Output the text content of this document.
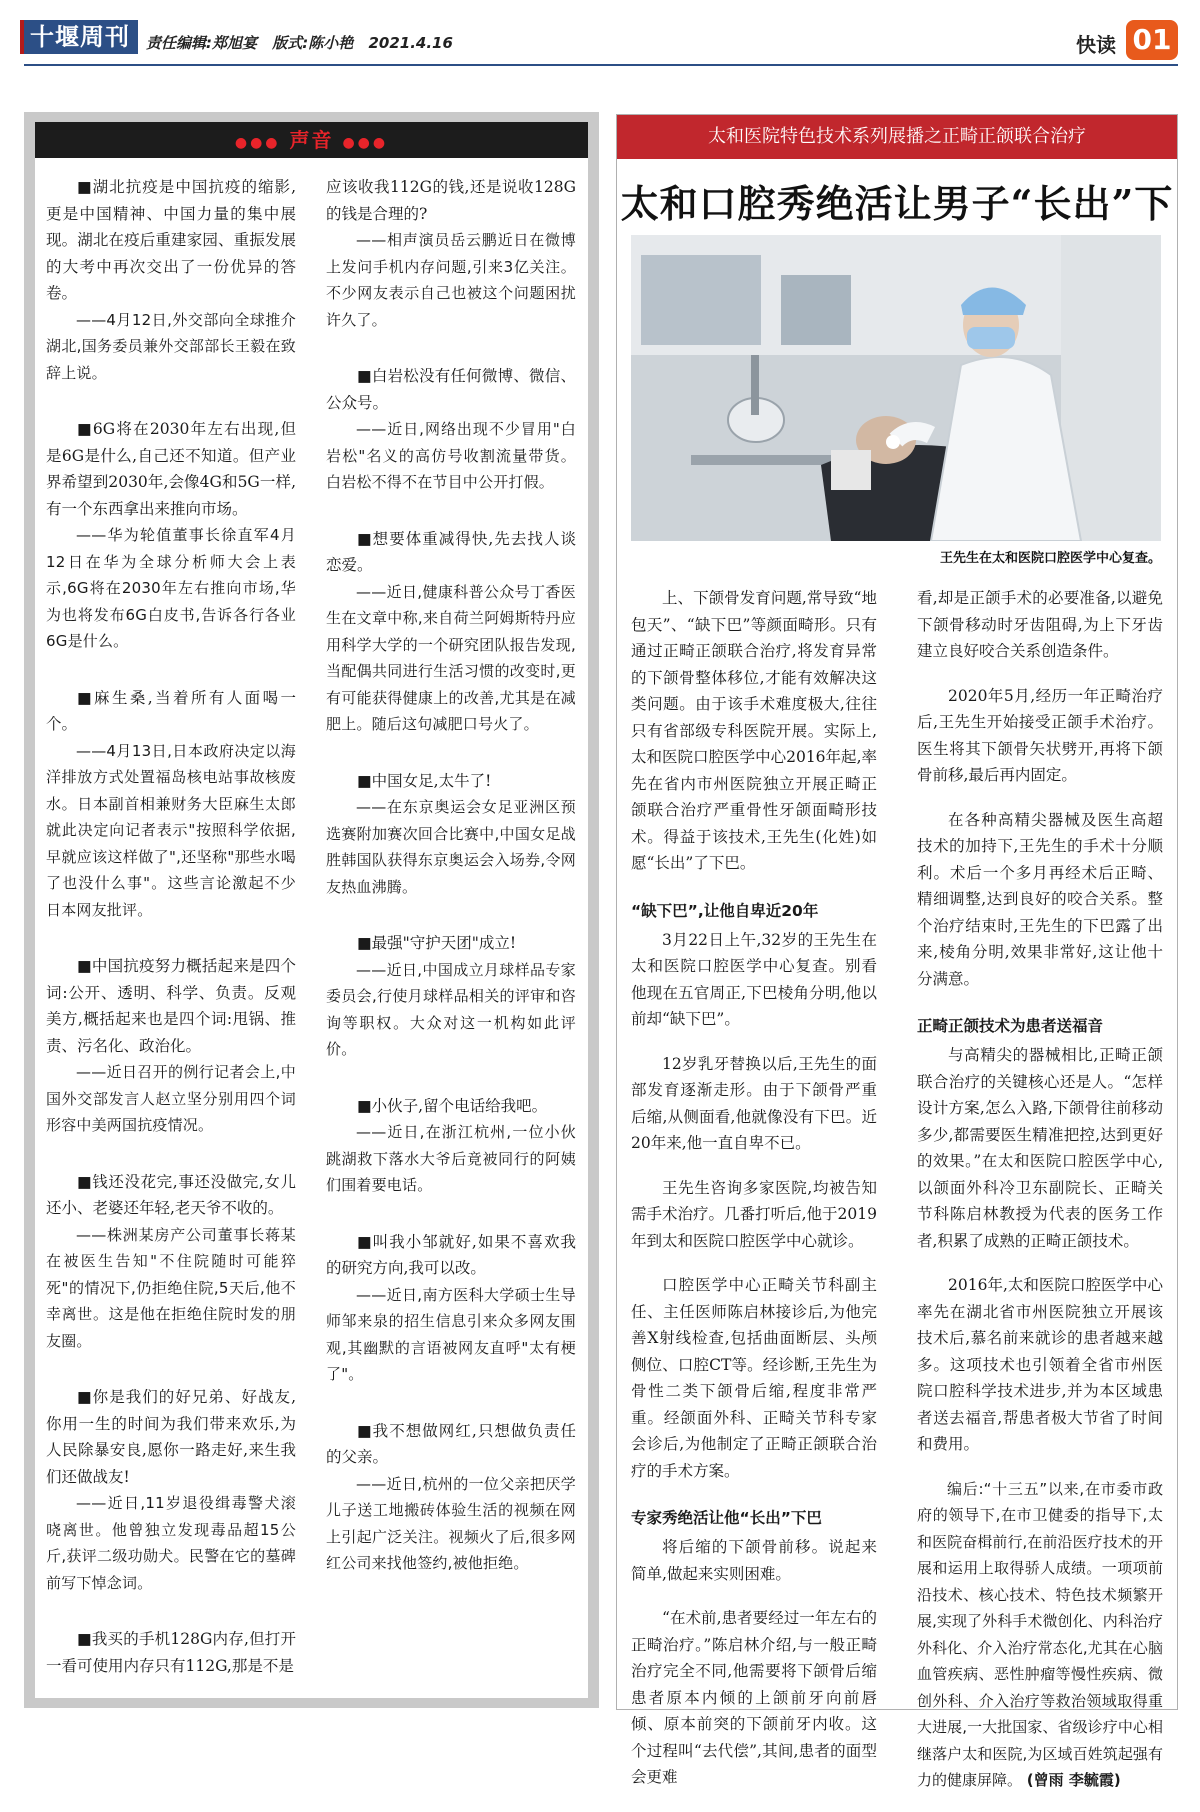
十堰周刊	责任编辑:郑旭宴 版式:陈小艳 2021.4.16	快读 01
●●● 声音 ●●●

■湖北抗疫是中国抗疫的缩影,更是中国精神、中国力量的集中展现。湖北在疫后重建家园、重振发展的大考中再次交出了一份优异的答卷。

——4月12日,外交部向全球推介湖北,国务委员兼外交部部长王毅在致辞上说。

■6G将在2030年左右出现,但是6G是什么,自己还不知道。但产业界希望到2030年,会像4G和5G一样,有一个东西拿出来推向市场。

——华为轮值董事长徐直军4月12日在华为全球分析师大会上表示,6G将在2030年左右推向市场,华为也将发布6G白皮书,告诉各行各业6G是什么。

■麻生桑,当着所有人面喝一个。

——4月13日,日本政府决定以海洋排放方式处置福岛核电站事故核废水。日本副首相兼财务大臣麻生太郎就此决定向记者表示"按照科学依据,早就应该这样做了",还坚称"那些水喝了也没什么事"。这些言论激起不少日本网友批评。

■中国抗疫努力概括起来是四个词:公开、透明、科学、负责。反观美方,概括起来也是四个词:甩锅、推责、污名化、政治化。

——近日召开的例行记者会上,中国外交部发言人赵立坚分别用四个词形容中美两国抗疫情况。

■钱还没花完,事还没做完,女儿还小、老婆还年轻,老天爷不收的。

——株洲某房产公司董事长蒋某在被医生告知"不住院随时可能猝死"的情况下,仍拒绝住院,5天后,他不幸离世。这是他在拒绝住院时发的朋友圈。

■你是我们的好兄弟、好战友,你用一生的时间为我们带来欢乐,为人民除暴安良,愿你一路走好,来生我们还做战友!

——近日,11岁退役缉毒警犬滚哓离世。他曾独立发现毒品超15公斤,获评二级功勋犬。民警在它的墓碑前写下悼念词。

■我买的手机128G内存,但打开一看可使用内存只有112G,那是不是

应该收我112G的钱,还是说收128G的钱是合理的?

——相声演员岳云鹏近日在微博上发问手机内存问题,引来3亿关注。不少网友表示自己也被这个问题困扰许久了。

■白岩松没有任何微博、微信、公众号。

——近日,网络出现不少冒用"白岩松"名义的高仿号收割流量带货。白岩松不得不在节目中公开打假。

■想要体重减得快,先去找人谈恋爱。

——近日,健康科普公众号丁香医生在文章中称,来自荷兰阿姆斯特丹应用科学大学的一个研究团队报告发现,当配偶共同进行生活习惯的改变时,更有可能获得健康上的改善,尤其是在减肥上。随后这句减肥口号火了。

■中国女足,太牛了!

——在东京奥运会女足亚洲区预选赛附加赛次回合比赛中,中国女足战胜韩国队获得东京奥运会入场券,令网友热血沸腾。

■最强"守护天团"成立!

——近日,中国成立月球样品专家委员会,行使月球样品相关的评审和咨询等职权。大众对这一机构如此评价。

■小伙子,留个电话给我吧。

——近日,在浙江杭州,一位小伙跳湖救下落水大爷后竟被同行的阿姨们围着要电话。

■叫我小邹就好,如果不喜欢我的研究方向,我可以改。

——近日,南方医科大学硕士生导师邹来泉的招生信息引来众多网友围观,其幽默的言语被网友直呼"太有梗了"。

■我不想做网红,只想做负责任的父亲。

——近日,杭州的一位父亲把厌学儿子送工地搬砖体验生活的视频在网上引起广泛关注。视频火了后,很多网红公司来找他签约,被他拒绝。

太和医院特色技术系列展播之正畸正颌联合治疗
太和口腔秀绝活让男子“长出”下
王先生在太和医院口腔医学中心复查。

上、下颌骨发育问题,常导致“地包天”、“缺下巴”等颜面畸形。只有通过正畸正颌联合治疗,将发育异常的下颌骨整体移位,才能有效解决这类问题。由于该手术难度极大,往往只有省部级专科医院开展。实际上,太和医院口腔医学中心2016年起,率先在省内市州医院独立开展正畸正颌联合治疗严重骨性牙颌面畸形技术。得益于该技术,王先生(化姓)如愿“长出”了下巴。

“缺下巴”,让他自卑近20年

3月22日上午,32岁的王先生在太和医院口腔医学中心复查。别看他现在五官周正,下巴棱角分明,他以前却“缺下巴”。

12岁乳牙替换以后,王先生的面部发育逐渐走形。由于下颌骨严重后缩,从侧面看,他就像没有下巴。近20年来,他一直自卑不已。

王先生咨询多家医院,均被告知需手术治疗。几番打听后,他于2019年到太和医院口腔医学中心就诊。

口腔医学中心正畸关节科副主任、主任医师陈启林接诊后,为他完善X射线检查,包括曲面断层、头颅侧位、口腔CT等。经诊断,王先生为骨性二类下颌骨后缩,程度非常严重。经颌面外科、正畸关节科专家会诊后,为他制定了正畸正颌联合治疗的手术方案。

专家秀绝活让他“长出”下巴

将后缩的下颌骨前移。说起来简单,做起来实则困难。

“在术前,患者要经过一年左右的正畸治疗。”陈启林介绍,与一般正畸治疗完全不同,他需要将下颌骨后缩患者原本内倾的上颌前牙向前唇倾、原本前突的下颌前牙内收。这个过程叫“去代偿”,其间,患者的面型会更难

看,却是正颌手术的必要准备,以避免下颌骨移动时牙齿阻碍,为上下牙齿建立良好咬合关系创造条件。

2020年5月,经历一年正畸治疗后,王先生开始接受正颌手术治疗。医生将其下颌骨矢状劈开,再将下颌骨前移,最后再内固定。

在各种高精尖器械及医生高超技术的加持下,王先生的手术十分顺利。术后一个多月再经术后正畸、精细调整,达到良好的咬合关系。整个治疗结束时,王先生的下巴露了出来,棱角分明,效果非常好,这让他十分满意。

正畸正颌技术为患者送福音

与高精尖的器械相比,正畸正颌联合治疗的关键核心还是人。“怎样设计方案,怎么入路,下颌骨往前移动多少,都需要医生精准把控,达到更好的效果。”在太和医院口腔医学中心,以颌面外科冷卫东副院长、正畸关节科陈启林教授为代表的医务工作者,积累了成熟的正畸正颌技术。

2016年,太和医院口腔医学中心率先在湖北省市州医院独立开展该技术后,慕名前来就诊的患者越来越多。这项技术也引领着全省市州医院口腔科学技术进步,并为本区域患者送去福音,帮患者极大节省了时间和费用。

编后:“十三五”以来,在市委市政府的领导下,在市卫健委的指导下,太和医院奋楫前行,在前沿医疗技术的开展和运用上取得骄人成绩。一项项前沿技术、核心技术、特色技术频繁开展,实现了外科手术微创化、内科治疗外科化、介入治疗常态化,尤其在心脑血管疾病、恶性肿瘤等慢性疾病、微创外科、介入治疗等救治领域取得重大进展,一大批国家、省级诊疗中心相继落户太和医院,为区域百姓筑起强有力的健康屏障。 (曾雨 李毓霞)
